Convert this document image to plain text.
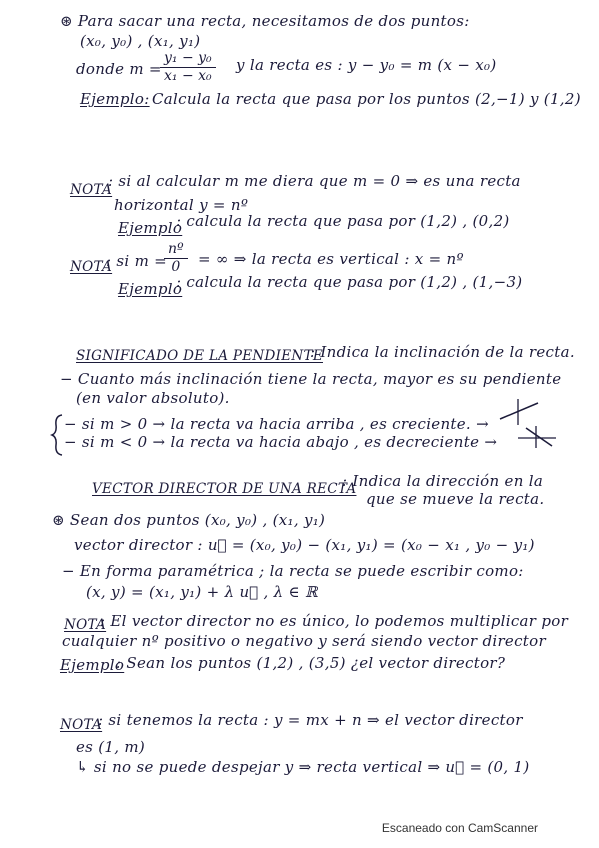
⊛ Para sacar una recta, necesitamos de dos puntos:
(x₀, y₀) , (x₁, y₁)
donde m =
$\frac{\text{y₁ − y₀}}{\text{x₁ − x₀}}$ y la recta es : y − y₀ = m (x − x₀)
Ejemplo: Calcula la recta que pasa por los puntos (2,−1) y (1,2)
NOTA
: si al calcular m me diera que m = 0 ⇒ es una recta
horizontal y = nº
Ejemplo
: calcula la recta que pasa por (1,2) , (0,2)
NOTA
: si m =
$\frac{\text{nº}}{0}$ = ∞ ⇒ la recta es vertical : x = nº
Ejemplo
: calcula la recta que pasa por (1,2) , (1,−3)
SIGNIFICADO DE LA PENDIENTE
: Indica la inclinación de la recta.
− Cuanto más inclinación tiene la recta, mayor es su pendiente
(en valor absoluto).
− si m > 0 → la recta va hacia arriba , es creciente. →
− si m < 0 → la recta va hacia abajo , es decreciente →
VECTOR DIRECTOR DE UNA RECTA
: Indica la dirección en la
que se mueve la recta.
⊛ Sean dos puntos (x₀, y₀) , (x₁, y₁)
vector director : u⃗ = (x₀, y₀) − (x₁, y₁) = (x₀ − x₁ , y₀ − y₁)
− En forma paramétrica ; la recta se puede escribir como:
(x, y) = (x₁, y₁) + λ u⃗ , λ ∈ ℝ
NOTA
: El vector director no es único, lo podemos multiplicar por
cualquier nº positivo o negativo y será siendo vector director
Ejemplo
: Sean los puntos (1,2) , (3,5) ¿el vector director?
NOTA
: si tenemos la recta : y = mx + n ⇒ el vector director
es (1, m)
↳ si no se puede despejar y ⇒ recta vertical ⇒ u⃗ = (0, 1)
Escaneado con CamScanner
